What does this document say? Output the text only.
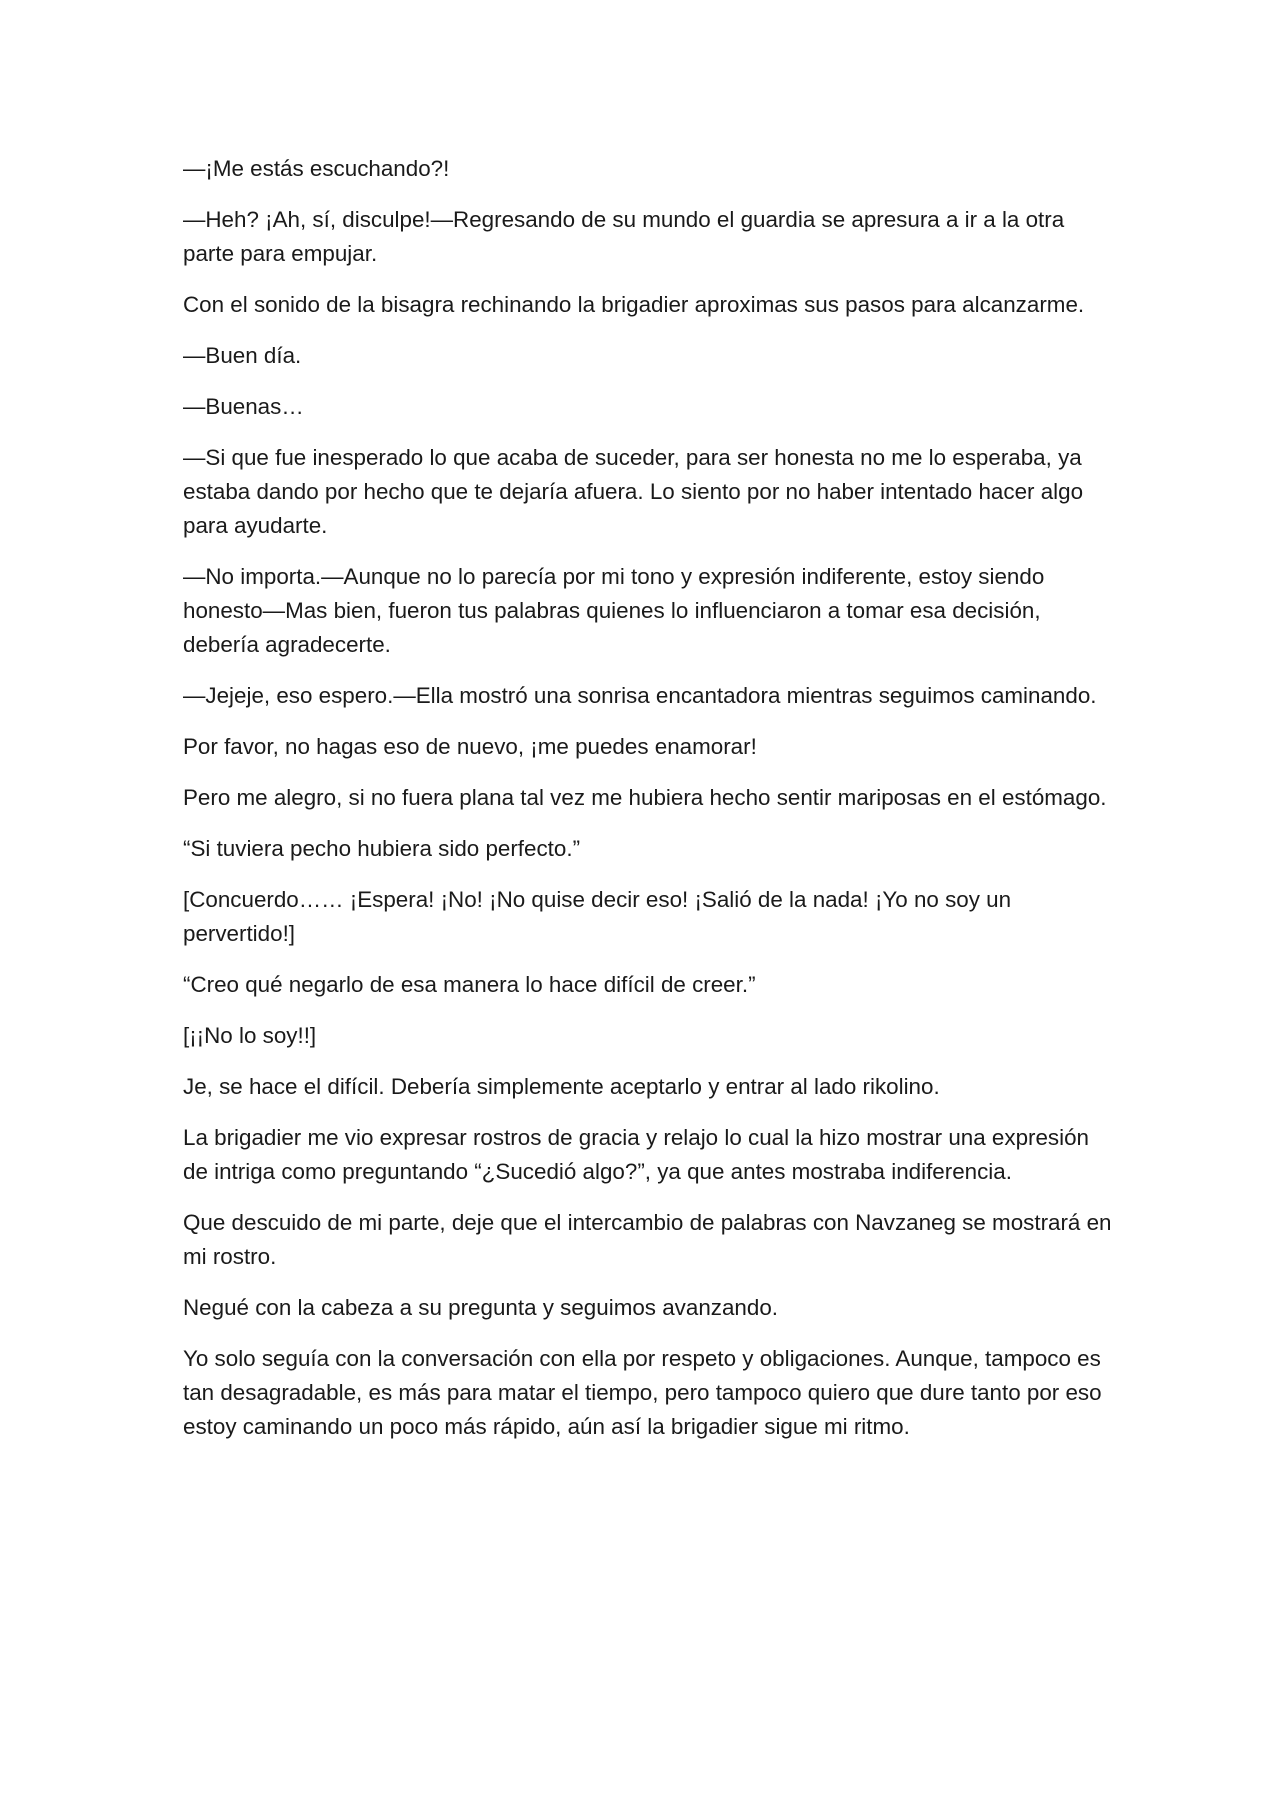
—¡Me estás escuchando?!

—Heh? ¡Ah, sí, disculpe!—Regresando de su mundo el guardia se apresura a ir a la otra parte para empujar.

Con el sonido de la bisagra rechinando la brigadier aproximas sus pasos para alcanzarme.

—Buen día.

—Buenas…

—Si que fue inesperado lo que acaba de suceder, para ser honesta no me lo esperaba, ya estaba dando por hecho que te dejaría afuera. Lo siento por no haber intentado hacer algo para ayudarte.

—No importa.—Aunque no lo parecía por mi tono y expresión indiferente, estoy siendo honesto—Mas bien, fueron tus palabras quienes lo influenciaron a tomar esa decisión, debería agradecerte.

—Jejeje, eso espero.—Ella mostró una sonrisa encantadora mientras seguimos caminando.

Por favor, no hagas eso de nuevo, ¡me puedes enamorar!

Pero me alegro, si no fuera plana tal vez me hubiera hecho sentir mariposas en el estómago.

“Si tuviera pecho hubiera sido perfecto.”

[Concuerdo…… ¡Espera! ¡No! ¡No quise decir eso! ¡Salió de la nada! ¡Yo no soy un pervertido!]

“Creo qué negarlo de esa manera lo hace difícil de creer.”

[¡¡No lo soy!!]

Je, se hace el difícil. Debería simplemente aceptarlo y entrar al lado rikolino.

La brigadier me vio expresar rostros de gracia y relajo lo cual la hizo mostrar una expresión de intriga como preguntando “¿Sucedió algo?”, ya que antes mostraba indiferencia.

Que descuido de mi parte, deje que el intercambio de palabras con Navzaneg se mostrará en mi rostro.

Negué con la cabeza a su pregunta y seguimos avanzando.

Yo solo seguía con la conversación con ella por respeto y obligaciones. Aunque, tampoco es tan desagradable, es más para matar el tiempo, pero tampoco quiero que dure tanto por eso estoy caminando un poco más rápido, aún así la brigadier sigue mi ritmo.
